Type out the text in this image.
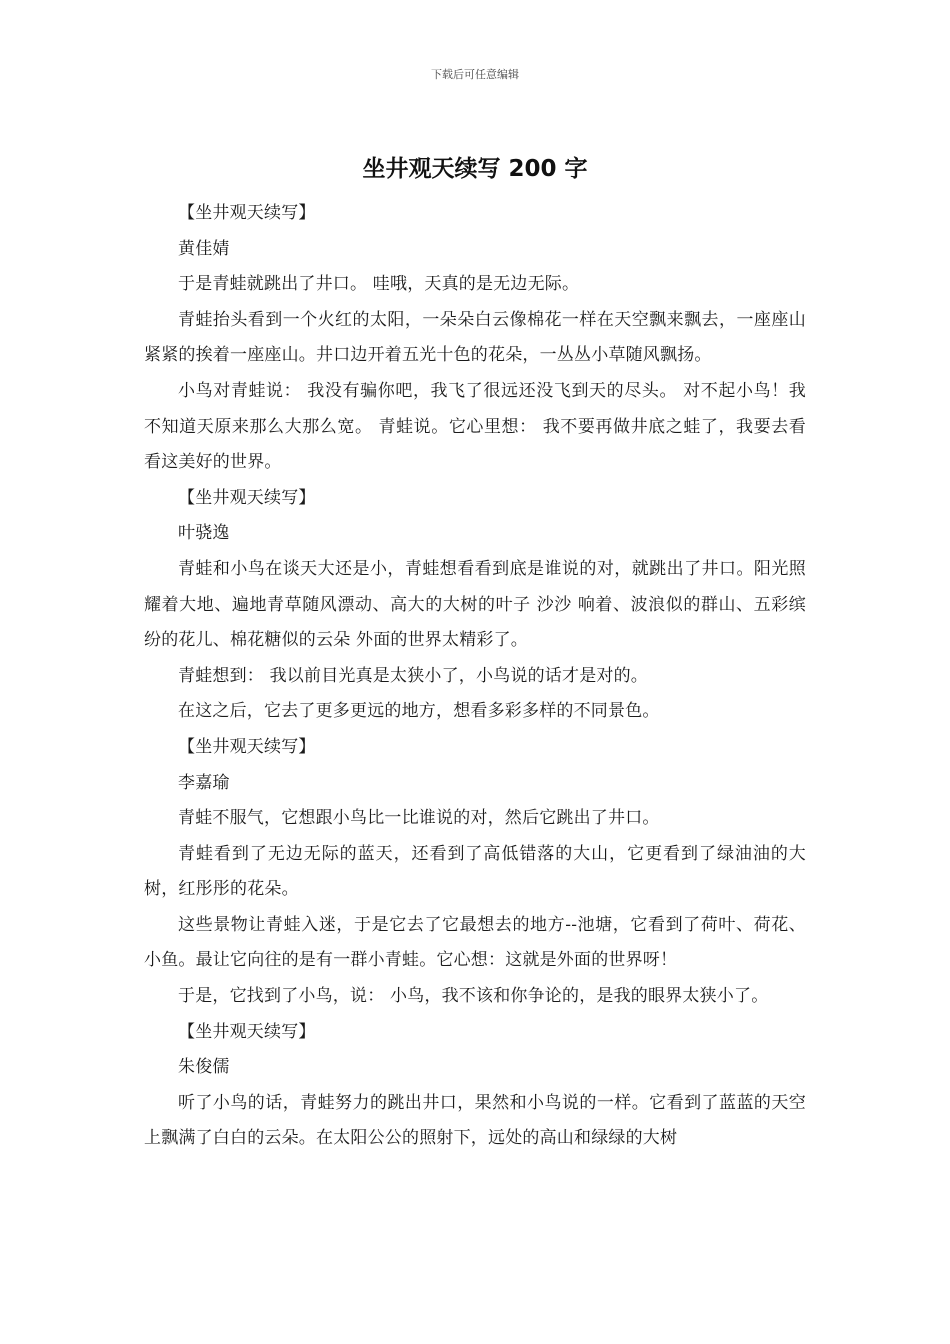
下载后可任意编辑
坐井观天续写 200 字

【坐井观天续写】

黄佳婧

于是青蛙就跳出了井口。 哇哦，天真的是无边无际。

青蛙抬头看到一个火红的太阳，一朵朵白云像棉花一样在天空飘来飘去，一座座山紧紧的挨着一座座山。井口边开着五光十色的花朵，一丛丛小草随风飘扬。

小鸟对青蛙说： 我没有骗你吧，我飞了很远还没飞到天的尽头。 对不起小鸟！我不知道天原来那么大那么宽。 青蛙说。它心里想： 我不要再做井底之蛙了，我要去看看这美好的世界。

【坐井观天续写】

叶骁逸

青蛙和小鸟在谈天大还是小，青蛙想看看到底是谁说的对，就跳出了井口。阳光照耀着大地、遍地青草随风漂动、高大的大树的叶子 沙沙 响着、波浪似的群山、五彩缤纷的花儿、棉花糖似的云朵 外面的世界太精彩了。

青蛙想到： 我以前目光真是太狭小了，小鸟说的话才是对的。

在这之后，它去了更多更远的地方，想看多彩多样的不同景色。

【坐井观天续写】

李嘉瑜

青蛙不服气，它想跟小鸟比一比谁说的对，然后它跳出了井口。

青蛙看到了无边无际的蓝天，还看到了高低错落的大山，它更看到了绿油油的大树，红彤彤的花朵。

这些景物让青蛙入迷，于是它去了它最想去的地方--池塘，它看到了荷叶、荷花、小鱼。最让它向往的是有一群小青蛙。它心想：这就是外面的世界呀！

于是，它找到了小鸟，说： 小鸟，我不该和你争论的，是我的眼界太狭小了。

【坐井观天续写】

朱俊儒

听了小鸟的话，青蛙努力的跳出井口，果然和小鸟说的一样。它看到了蓝蓝的天空上飘满了白白的云朵。在太阳公公的照射下，远处的高山和绿绿的大树
